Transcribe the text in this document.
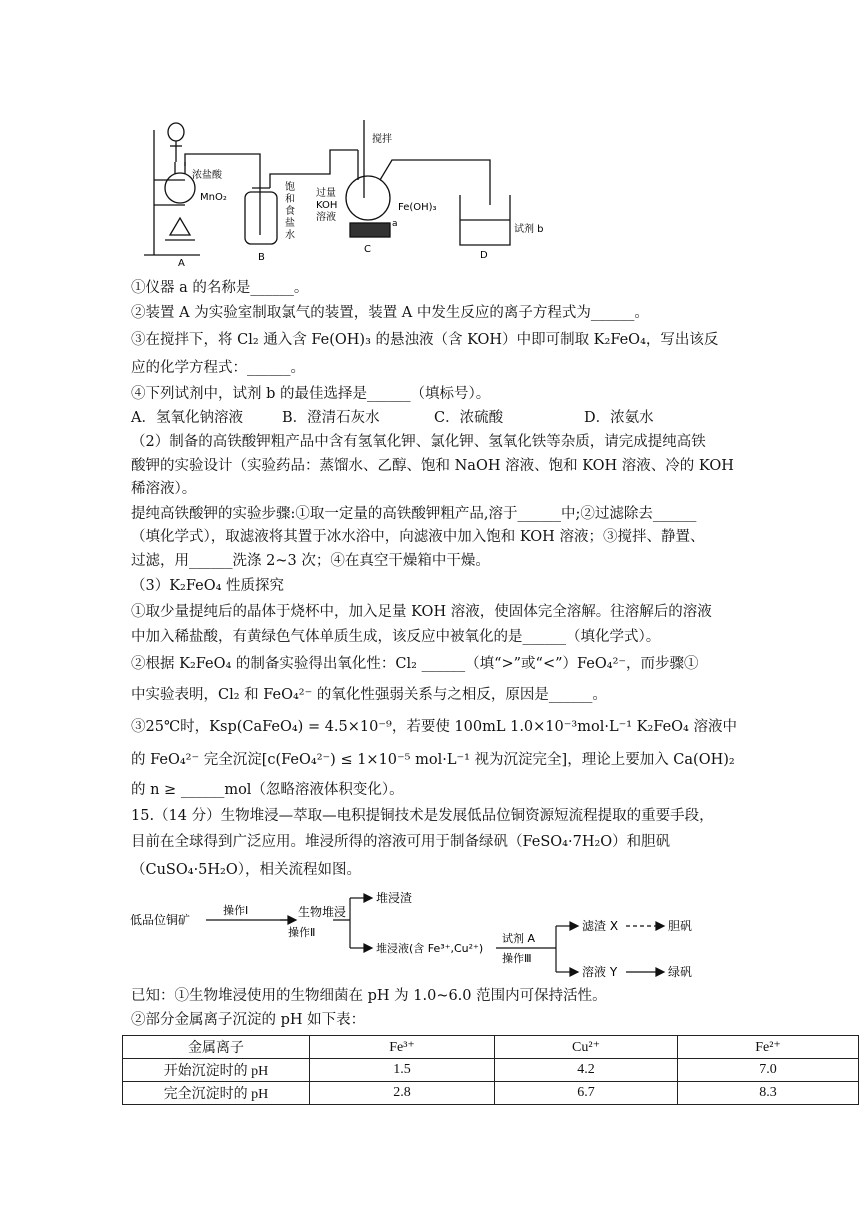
浓盐酸
MnO₂
A
饱
和
食
盐
水
B
搅拌
过量
KOH
溶液
Fe(OH)₃
a
C
试剂 b
D
①仪器 a 的名称是______。
②装置 A 为实验室制取氯气的装置，装置 A 中发生反应的离子方程式为______。
③在搅拌下，将 Cl₂ 通入含 Fe(OH)₃ 的悬浊液（含 KOH）中即可制取 K₂FeO₄，写出该反
应的化学方程式：______。
④下列试剂中，试剂 b 的最佳选择是______（填标号）。
A．氢氧化钠溶液	B．澄清石灰水	C．浓硫酸	D．浓氨水
（2）制备的高铁酸钾粗产品中含有氢氧化钾、氯化钾、氢氧化铁等杂质，请完成提纯高铁
酸钾的实验设计（实验药品：蒸馏水、乙醇、饱和 NaOH 溶液、饱和 KOH 溶液、冷的 KOH
稀溶液）。
提纯高铁酸钾的实验步骤:①取一定量的高铁酸钾粗产品,溶于______中;②过滤除去______
（填化学式），取滤液将其置于冰水浴中，向滤液中加入饱和 KOH 溶液；③搅拌、静置、
过滤，用______洗涤 2~3 次；④在真空干燥箱中干燥。
（3）K₂FeO₄ 性质探究
①取少量提纯后的晶体于烧杯中，加入足量 KOH 溶液，使固体完全溶解。往溶解后的溶液
中加入稀盐酸，有黄绿色气体单质生成，该反应中被氧化的是______（填化学式）。
②根据 K₂FeO₄ 的制备实验得出氧化性：Cl₂ ______（填“>”或“<”）FeO₄²⁻，而步骤①
中实验表明，Cl₂ 和 FeO₄²⁻ 的氧化性强弱关系与之相反，原因是______。
③25℃时，Ksp(CaFeO₄) = 4.5×10⁻⁹，若要使 100mL 1.0×10⁻³mol·L⁻¹ K₂FeO₄ 溶液中
的 FeO₄²⁻ 完全沉淀[c(FeO₄²⁻) ≤ 1×10⁻⁵ mol·L⁻¹ 视为沉淀完全]，理论上要加入 Ca(OH)₂
的 n ≥ ______mol（忽略溶液体积变化）。
15.（14 分）生物堆浸—萃取—电积提铜技术是发展低品位铜资源短流程提取的重要手段，
目前在全球得到广泛应用。堆浸所得的溶液可用于制备绿矾（FeSO₄·7H₂O）和胆矾
（CuSO₄·5H₂O），相关流程如图。
低品位铜矿
操作Ⅰ	生物堆浸
操作Ⅱ
堆浸渣
堆浸液(含 Fe³⁺,Cu²⁺)
试剂 A
操作Ⅲ
滤渣 X
溶液 Y
胆矾
绿矾
已知：①生物堆浸使用的生物细菌在 pH 为 1.0~6.0 范围内可保持活性。
②部分金属离子沉淀的 pH 如下表：
金属离子	Fe³⁺	Cu²⁺	Fe²⁺
开始沉淀时的 pH	1.5	4.2	7.0
完全沉淀时的 pH	2.8	6.7	8.3
